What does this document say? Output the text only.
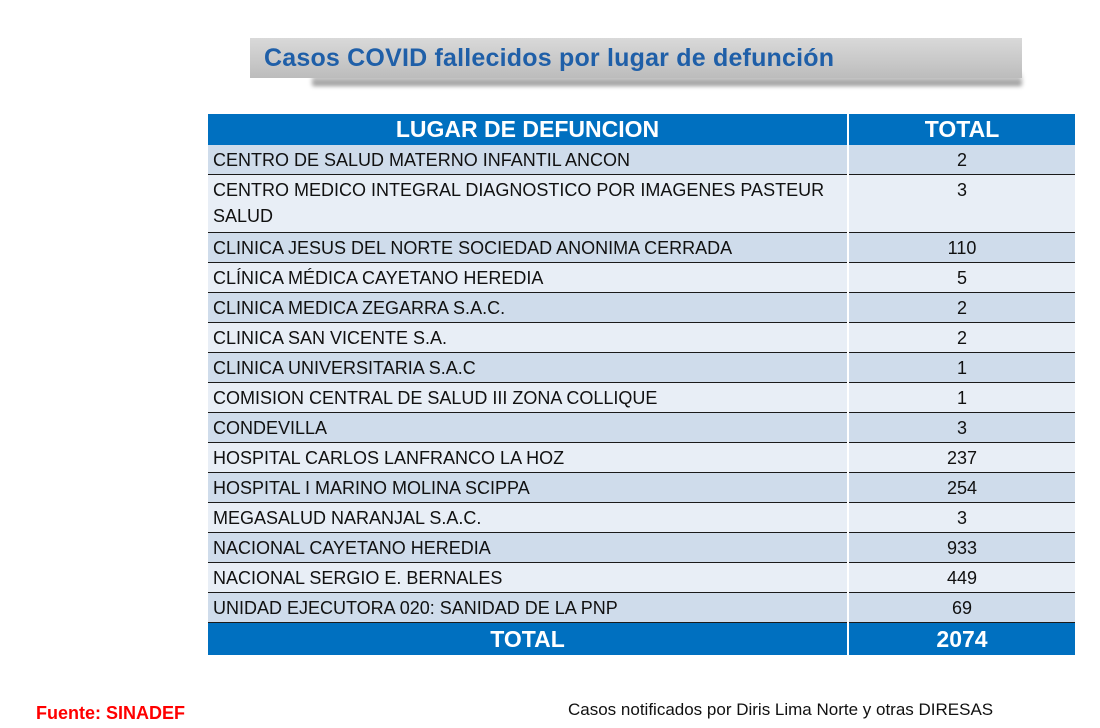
Casos COVID fallecidos por lugar de defunción
LUGAR DE DEFUNCION	TOTAL
CENTRO DE SALUD MATERNO INFANTIL ANCON	2
CENTRO MEDICO INTEGRAL DIAGNOSTICO POR IMAGENES PASTEUR SALUD	3
CLINICA JESUS DEL NORTE SOCIEDAD ANONIMA CERRADA	110
CLÍNICA MÉDICA CAYETANO HEREDIA	5
CLINICA MEDICA ZEGARRA S.A.C.	2
CLINICA SAN VICENTE S.A.	2
CLINICA UNIVERSITARIA S.A.C	1
COMISION CENTRAL DE SALUD III ZONA COLLIQUE	1
CONDEVILLA	3
HOSPITAL CARLOS LANFRANCO LA HOZ	237
HOSPITAL I MARINO MOLINA SCIPPA	254
MEGASALUD NARANJAL S.A.C.	3
NACIONAL CAYETANO HEREDIA	933
NACIONAL SERGIO E. BERNALES	449
UNIDAD EJECUTORA 020: SANIDAD DE LA PNP	69
TOTAL	2074
Fuente: SINADEF	Casos notificados por Diris Lima Norte y otras DIRESAS
